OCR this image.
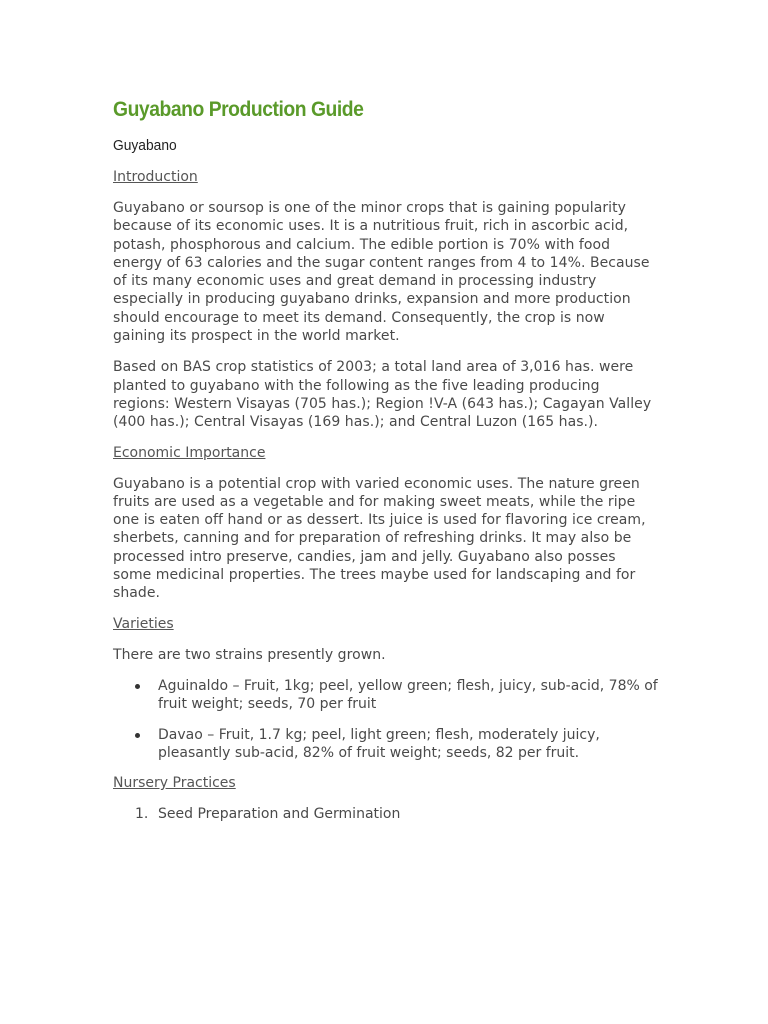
Guyabano Production Guide
Guyabano
Introduction

Guyabano or soursop is one of the minor crops that is gaining popularity because of its economic uses. It is a nutritious fruit, rich in ascorbic acid, potash, phosphorous and calcium. The edible portion is 70% with food energy of 63 calories and the sugar content ranges from 4 to 14%. Because of its many economic uses and great demand in processing industry especially in producing guyabano drinks, expansion and more production should encourage to meet its demand. Consequently, the crop is now gaining its prospect in the world market.

Based on BAS crop statistics of 2003; a total land area of 3,016 has. were planted to guyabano with the following as the five leading producing regions: Western Visayas (705 has.); Region !V-A (643 has.); Cagayan Valley (400 has.); Central Visayas (169 has.); and Central Luzon (165 has.).

Economic Importance

Guyabano is a potential crop with varied economic uses. The nature green fruits are used as a vegetable and for making sweet meats, while the ripe one is eaten off hand or as dessert. Its juice is used for flavoring ice cream, sherbets, canning and for preparation of refreshing drinks. It may also be processed intro preserve, candies, jam and jelly. Guyabano also posses some medicinal properties. The trees maybe used for landscaping and for shade.

Varieties

There are two strains presently grown.

Aguinaldo – Fruit, 1kg; peel, yellow green; flesh, juicy, sub-acid, 78% of fruit weight; seeds, 70 per fruit
Davao – Fruit, 1.7 kg; peel, light green; flesh, moderately juicy, pleasantly sub-acid, 82% of fruit weight; seeds, 82 per fruit.
Nursery Practices
1. Seed Preparation and Germination
